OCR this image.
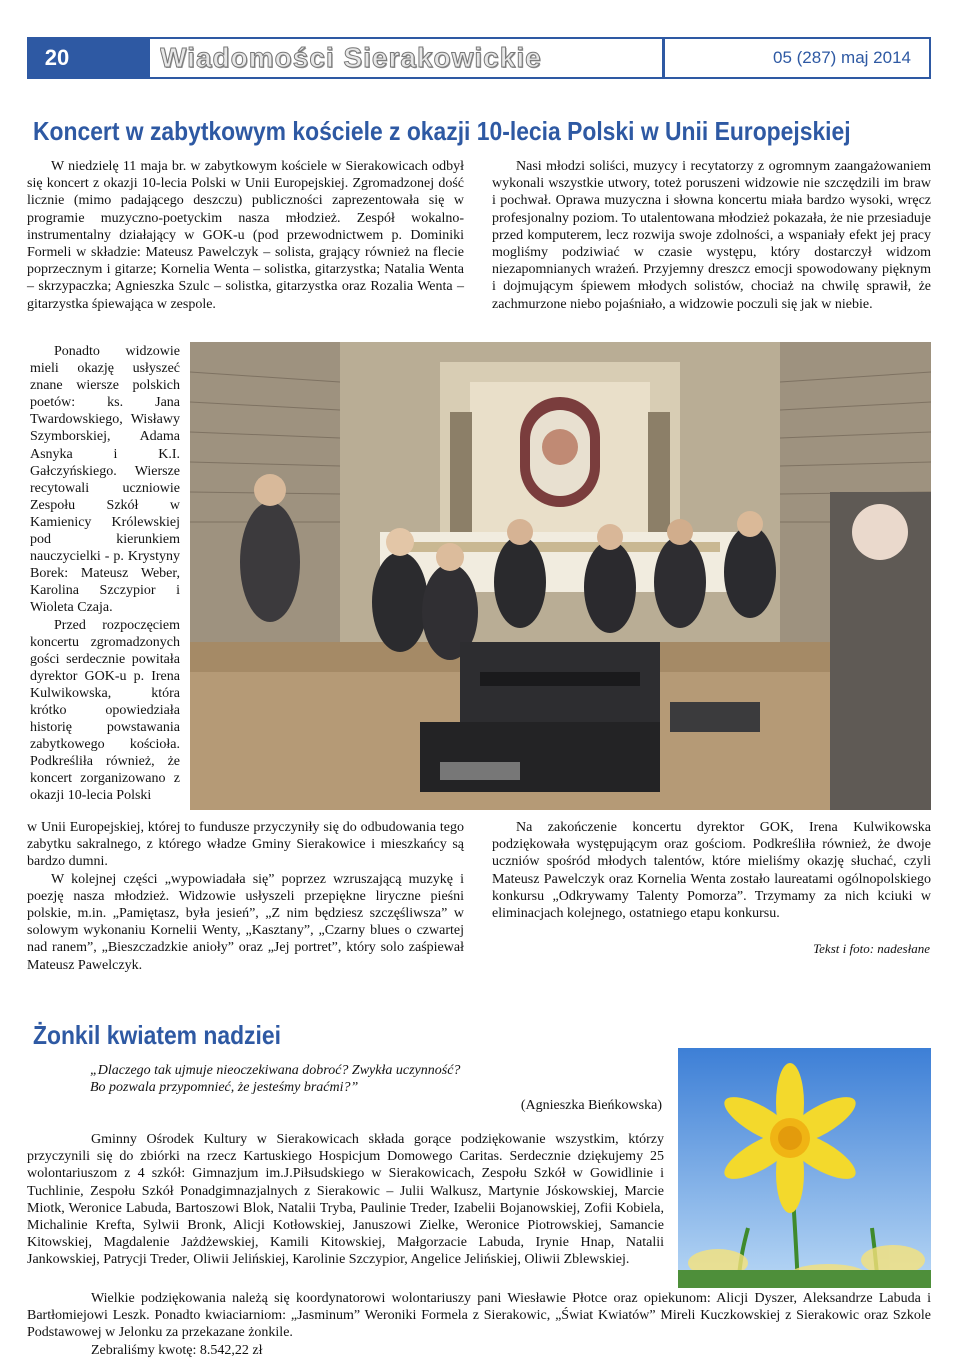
20	Wiadomości Sierakowickie	05 (287) maj 2014
Koncert w zabytkowym kościele z okazji 10-lecia Polski w Unii Europejskiej

W niedzielę 11 maja br. w zabytkowym kościele w Sierakowicach odbył się koncert z okazji 10-lecia Polski w Unii Europejskiej. Zgromadzonej dość licznie (mimo padającego deszczu) publiczności zaprezentowała się w programie muzyczno-poetyckim nasza młodzież. Zespół wokalno- instrumentalny działający w GOK-u (pod przewodnictwem p. Dominiki Formeli w składzie: Mateusz Pawelczyk – solista, grający również na flecie poprzecznym i gitarze; Kornelia Wenta – solistka, gitarzystka; Natalia Wenta – skrzypaczka; Agnieszka Szulc – solistka, gitarzystka oraz Rozalia Wenta – gitarzystka śpiewająca w zespole.

Nasi młodzi soliści, muzycy i recytatorzy z ogromnym zaangażowaniem wykonali wszystkie utwory, toteż poruszeni widzowie nie szczędzili im braw i pochwał. Oprawa muzyczna i słowna koncertu miała bardzo wysoki, wręcz profesjonalny poziom. To utalentowana młodzież pokazała, że nie przesiaduje przed komputerem, lecz rozwija swoje zdolności, a wspaniały efekt jej pracy mogliśmy podziwiać w czasie występu, który dostarczył widzom niezapomnianych wrażeń. Przyjemny dreszcz emocji spowodowany pięknym i dojmującym śpiewem młodych solistów, chociaż na chwilę sprawił, że zachmurzone niebo pojaśniało, a widzowie poczuli się jak w niebie.

Ponadto widzowie mieli okazję usłyszeć znane wiersze polskich poetów: ks. Jana Twardowskiego, Wisławy Szymborskiej, Adama Asnyka i K.I. Gałczyńskiego. Wiersze recytowali uczniowie Zespołu Szkół w Kamienicy Królewskiej pod kierunkiem nauczycielki - p. Krystyny Borek: Mateusz Weber, Karolina Szczypior i Wioleta Czaja.

Przed rozpoczęciem koncertu zgromadzonych gości serdecznie powitała dyrektor GOK-u p. Irena Kulwikowska, która krótko opowiedziała historię powstawania zabytkowego kościoła. Podkreśliła również, że koncert zorganizowano z okazji 10-lecia Polski

w Unii Europejskiej, której to fundusze przyczyniły się do odbudowania tego zabytku sakralnego, z którego władze Gminy Sierakowice i mieszkańcy są bardzo dumni.

W kolejnej części „wypowiadała się” poprzez wzruszającą muzykę i poezję nasza młodzież. Widzowie usłyszeli przepiękne liryczne pieśni polskie, m.in. „Pamiętasz, była jesień”, „Z nim będziesz szczęśliwsza” w solowym wykonaniu Kornelii Wenty, „Kasztany”, „Czarny blues o czwartej nad ranem”, „Bieszczadzkie anioły” oraz „Jej portret”, który solo zaśpiewał Mateusz Pawelczyk.

Na zakończenie koncertu dyrektor GOK, Irena Kulwikowska podziękowała występującym oraz gościom. Podkreśliła również, że dwoje uczniów spośród młodych talentów, które mieliśmy okazję słuchać, czyli Mateusz Pawelczyk oraz Kornelia Wenta zostało laureatami ogólnopolskiego konkursu „Odkrywamy Talenty Pomorza”. Trzymamy za nich kciuki w eliminacjach kolejnego, ostatniego etapu konkursu.

Tekst i foto: nadesłane
Żonkil kwiatem nadziei
„Dlaczego tak ujmuje nieoczekiwana dobroć? Zwykła uczynność?
Bo pozwala przypomnieć, że jesteśmy braćmi?”
(Agnieszka Bieńkowska)

Gminny Ośrodek Kultury w Sierakowicach składa gorące podziękowanie wszystkim, którzy przyczynili się do zbiórki na rzecz Kartuskiego Hospicjum Domowego Caritas. Serdecznie dziękujemy 25 wolontariuszom z 4 szkół: Gimnazjum im.J.Piłsudskiego w Sierakowicach, Zespołu Szkół w Gowidlinie i Tuchlinie, Zespołu Szkół Ponadgimnazjalnych z Sierakowic – Julii Walkusz, Martynie Jóskowskiej, Marcie Miotk, Weronice Labuda, Bartoszowi Blok, Natalii Tryba, Paulinie Treder, Izabelii Bojanowskiej, Zofii Kobiela, Michalinie Krefta, Sylwii Bronk, Alicji Kotłowskiej, Januszowi Zielke, Weronice Piotrowskiej, Samancie Kitowskiej, Magdalenie Jażdżewskiej, Kamili Kitowskiej, Małgorzacie Labuda, Irynie Hnap, Natalii Jankowskiej, Patrycji Treder, Oliwii Jelińskiej, Karolinie Szczypior, Angelice Jelińskiej, Oliwii Zblewskiej.

Wielkie podziękowania należą się koordynatorowi wolontariuszy pani Wiesławie Płotce oraz opiekunom: Alicji Dyszer, Aleksandrze Labuda i Bartłomiejowi Leszk. Ponadto kwiaciarniom: „Jasminum” Weroniki Formela z Sierakowic, „Świat Kwiatów” Mireli Kuczkowskiej z Sierakowic oraz Szkole Podstawowej w Jelonku za przekazane żonkile.

Zebraliśmy kwotę: 8.542,22 zł
